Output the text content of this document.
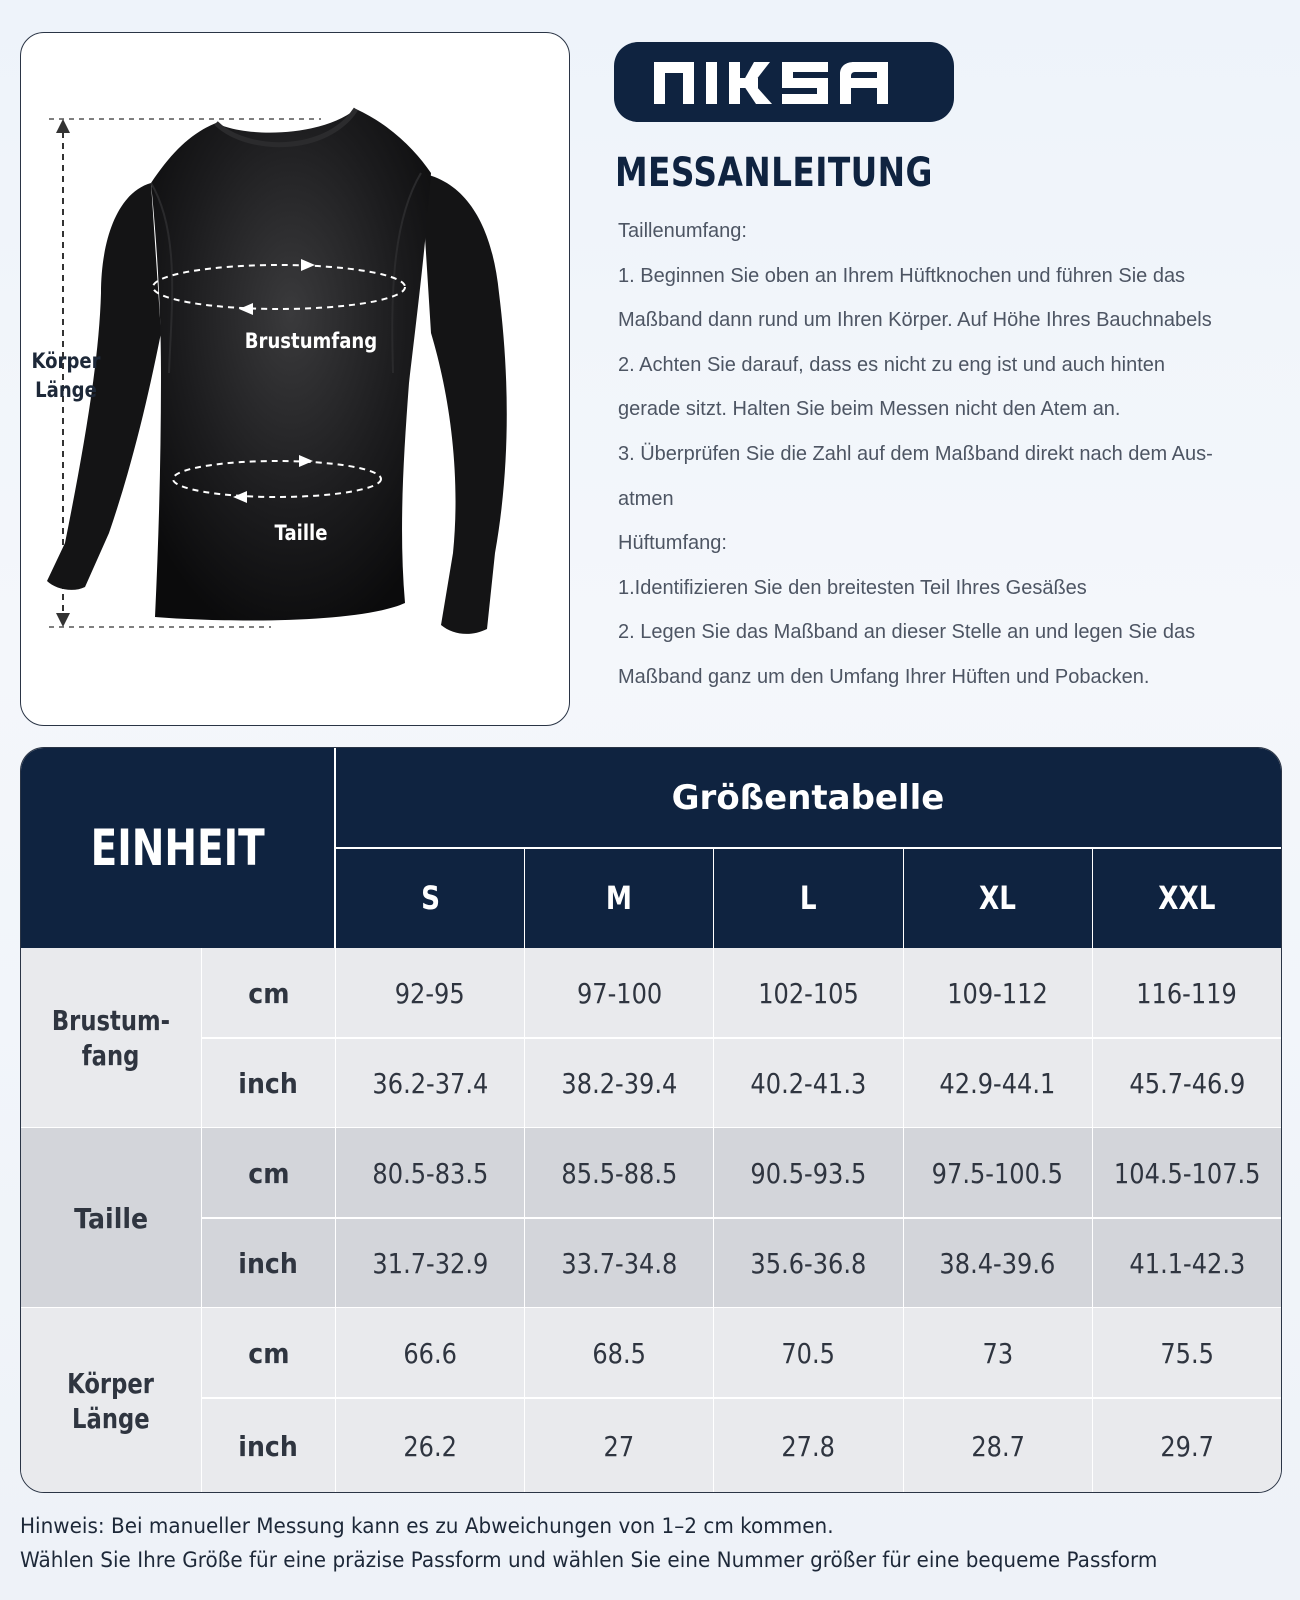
Brustumfang
Taille
Körper
Länge
MESSANLEITUNG
Taillenumfang:
1. Beginnen Sie oben an Ihrem Hüftknochen und führen Sie das
Maßband dann rund um Ihren Körper. Auf Höhe Ihres Bauchnabels
2. Achten Sie darauf, dass es nicht zu eng ist und auch hinten
gerade sitzt. Halten Sie beim Messen nicht den Atem an.
3. Überprüfen Sie die Zahl auf dem Maßband direkt nach dem Aus-
atmen
Hüftumfang:
1.Identifizieren Sie den breitesten Teil Ihres Gesäßes
2. Legen Sie das Maßband an dieser Stelle an und legen Sie das
Maßband ganz um den Umfang Ihrer Hüften und Pobacken.
EINHEIT
Größentabelle
S	M	L	XL	XXL
Brustum-
fang
cm	92-95	97-100	102-105	109-112	116-119
inch	36.2-37.4	38.2-39.4	40.2-41.3	42.9-44.1	45.7-46.9
Taille
cm	80.5-83.5	85.5-88.5	90.5-93.5 97.5-100.5 104.5-107.5
inch	31.7-32.9	33.7-34.8	35.6-36.8	38.4-39.6	41.1-42.3
Körper
Länge
cm	66.6	68.5	70.5	73	75.5
inch	26.2	27	27.8	28.7	29.7
Hinweis: Bei manueller Messung kann es zu Abweichungen von 1–2 cm kommen.
Wählen Sie Ihre Größe für eine präzise Passform und wählen Sie eine Nummer größer für eine bequeme Passform
